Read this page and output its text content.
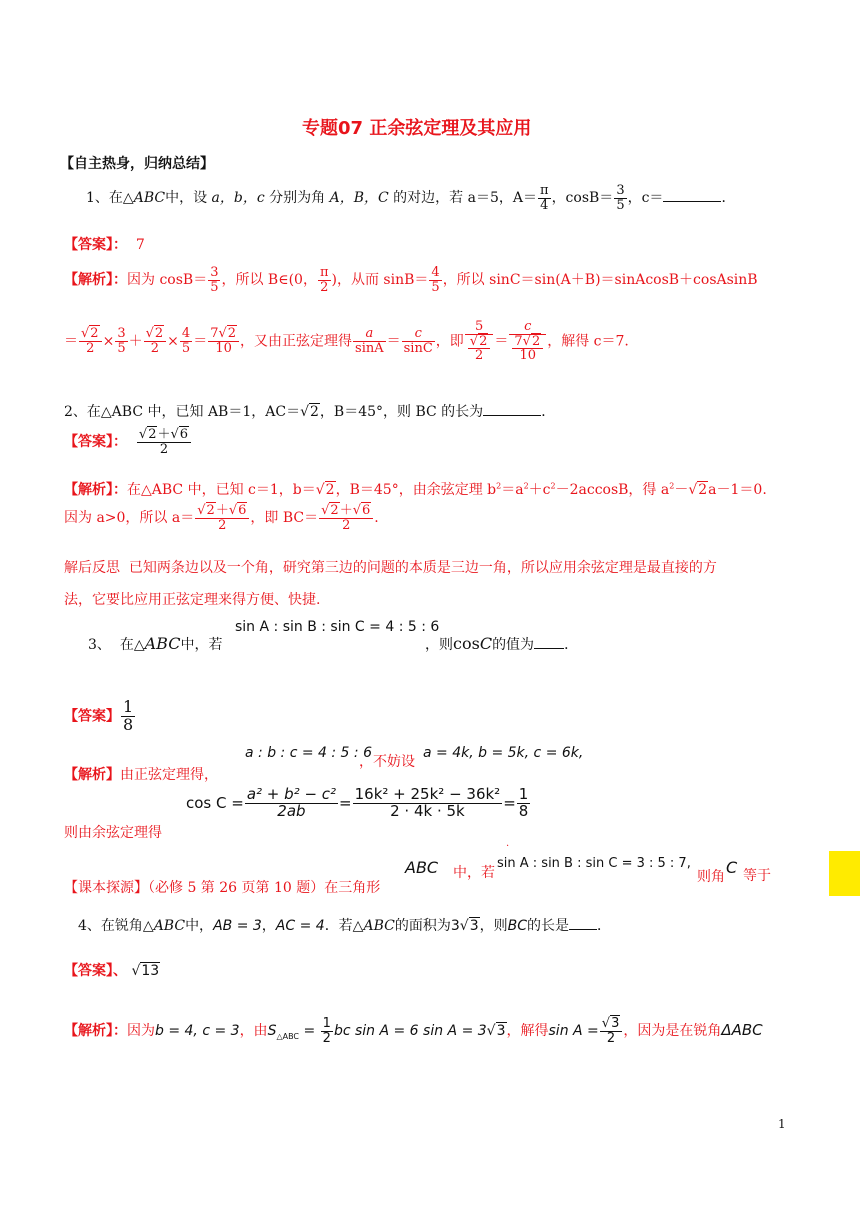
专题07 正余弦定理及其应用
【自主热身，归纳总结】
1、在△ABC中，设 a，b，c 分别为角 A，B，C 的对边，若 a＝5，$A= \frac{\pi}{4}$ ，$\cos B= \frac{3}{5}$ ，c＝	．
【答案】： 7
【解析】：因为 $\cos B= \frac{3}{5}$ ，所以 B∈(0， $\frac{\pi}{2}$ )，从而 $\sin B= \frac{4}{5}$ ，所以 sinC＝sin(A＋B)＝sinAcosB＋cosAsinB
＝ $\frac{√2}{2} \times \frac{3}{5} + \frac{√2}{2} \times \frac{4}{5} = \frac{7√2}{10}$ ，又由正弦定理得 $\frac{a}{\sin A} = \frac{c}{\sin C}$ ，即 $\frac{5}{\frac{√2}{2}} = \frac{c}{\frac{7√2}{10}}$ ，解得 c＝7.
2、在△ABC 中，已知 AB＝1，AC＝√2，B＝45°，则 BC 的长为	．
【答案】： $\frac{√2+√6}{2}$
【解析】：在△ABC 中，已知 c＝1，b＝√2，B＝45°，由余弦定理 $b^2=a^2+c^2-2accosB$，得 $a^2-√2a-1=0$.
因为 a>0，所以 $a= \frac{√2+√6}{2}$ ，即 $BC= \frac{√2+√6}{2}$ .
解后反思 已知两条边以及一个角，研究第三边的问题的本质是三边一角，所以应用余弦定理是最直接的方
法，它要比应用正弦定理来得方便、快捷.
3、 在△ABC中，若
sin A : sin B : sin C = 4 : 5 : 6
，则cosC的值为 ．
【答案】 $\frac{1}{8}$
a : b : c = 4 : 5 : 6
，不妨设
a = 4k, b = 5k, c = 6k,
【解析】由正弦定理得，
则由余弦定理得
$\cos C = \frac{\text{a² + b² − c²}}{2ab} = \frac{\text{16k² + 25k² − 36k²}}{2 \cdot 4k \cdot 5k} = \frac{1}{8}$
.
ABC 中，若
sin A : sin B : sin C = 3 : 5 : 7,
则角 C 等于
【课本探源】（必修 5 第 26 页第 10 题）在三角形
4、在锐角△ABC中，AB = 3，AC = 4．若△ABC的面积为3√3，则BC的长是 ．
【答案】、 √13
【解析】：因为b = 4, c = 3，由$S_{\triangle ABC} = \frac{1}{2}$ bc sin A = 6 sin A = 3√3，解得$\sin A = \frac{√3}{2}$ ，因为是在锐角ΔABC
1
